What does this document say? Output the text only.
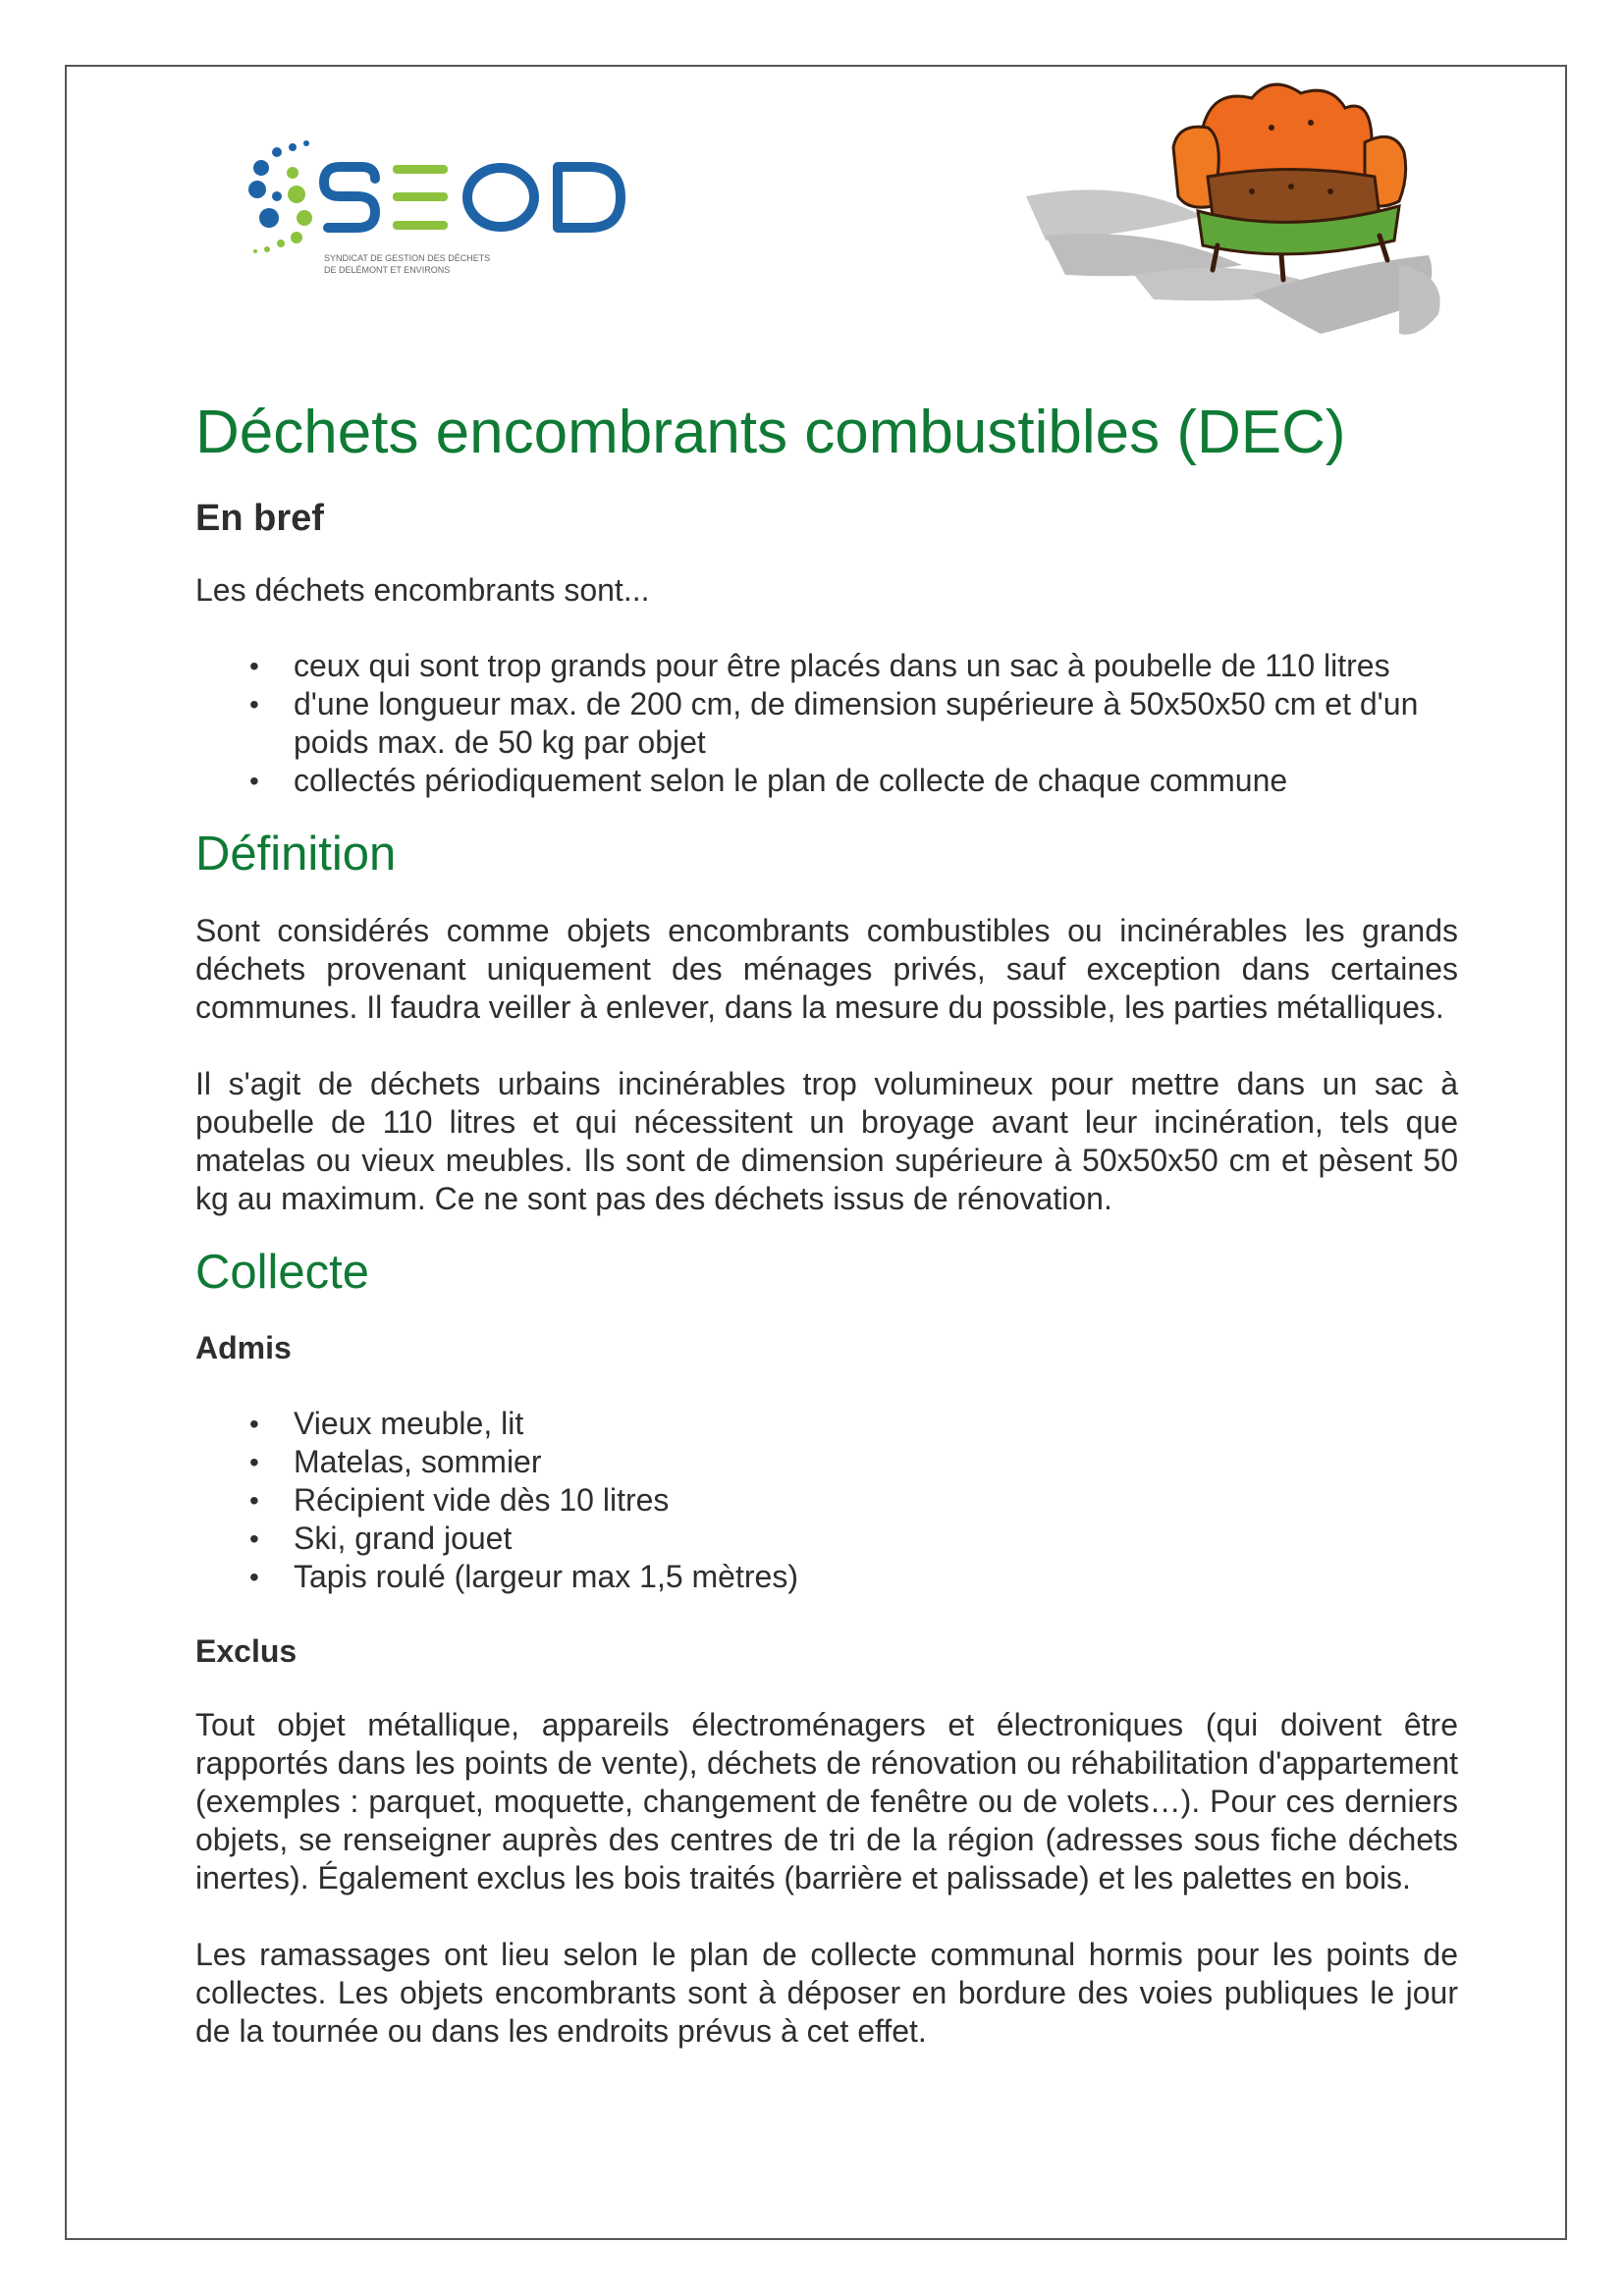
SYNDICAT DE GESTION DES DÉCHETS
DE DELÉMONT ET ENVIRONS
Déchets encombrants combustibles (DEC)
En bref

Les déchets encombrants sont...

• ceux qui sont trop grands pour être placés dans un sac à poubelle de 110 litres
• d'une longueur max. de 200 cm, de dimension supérieure à 50x50x50 cm et d'un poids max. de 50 kg par objet
• collectés périodiquement selon le plan de collecte de chaque commune
Définition

Sont considérés comme objets encombrants combustibles ou incinérables les grands déchets provenant uniquement des ménages privés, sauf exception dans certaines communes. Il faudra veiller à enlever, dans la mesure du possible, les parties métalliques.

Il s'agit de déchets urbains incinérables trop volumineux pour mettre dans un sac à poubelle de 110 litres et qui nécessitent un broyage avant leur incinération, tels que matelas ou vieux meubles. Ils sont de dimension supérieure à 50x50x50 cm et pèsent 50 kg au maximum. Ce ne sont pas des déchets issus de rénovation.

Collecte
Admis
• Vieux meuble, lit
• Matelas, sommier
• Récipient vide dès 10 litres
• Ski, grand jouet
• Tapis roulé (largeur max 1,5 mètres)
Exclus

Tout objet métallique, appareils électroménagers et électroniques (qui doivent être rapportés dans les points de vente), déchets de rénovation ou réhabilitation d'appartement (exemples : parquet, moquette, changement de fenêtre ou de volets…). Pour ces derniers objets, se renseigner auprès des centres de tri de la région (adresses sous fiche déchets inertes). Également exclus les bois traités (barrière et palissade) et les palettes en bois.

Les ramassages ont lieu selon le plan de collecte communal hormis pour les points de collectes. Les objets encombrants sont à déposer en bordure des voies publiques le jour de la tournée ou dans les endroits prévus à cet effet.
